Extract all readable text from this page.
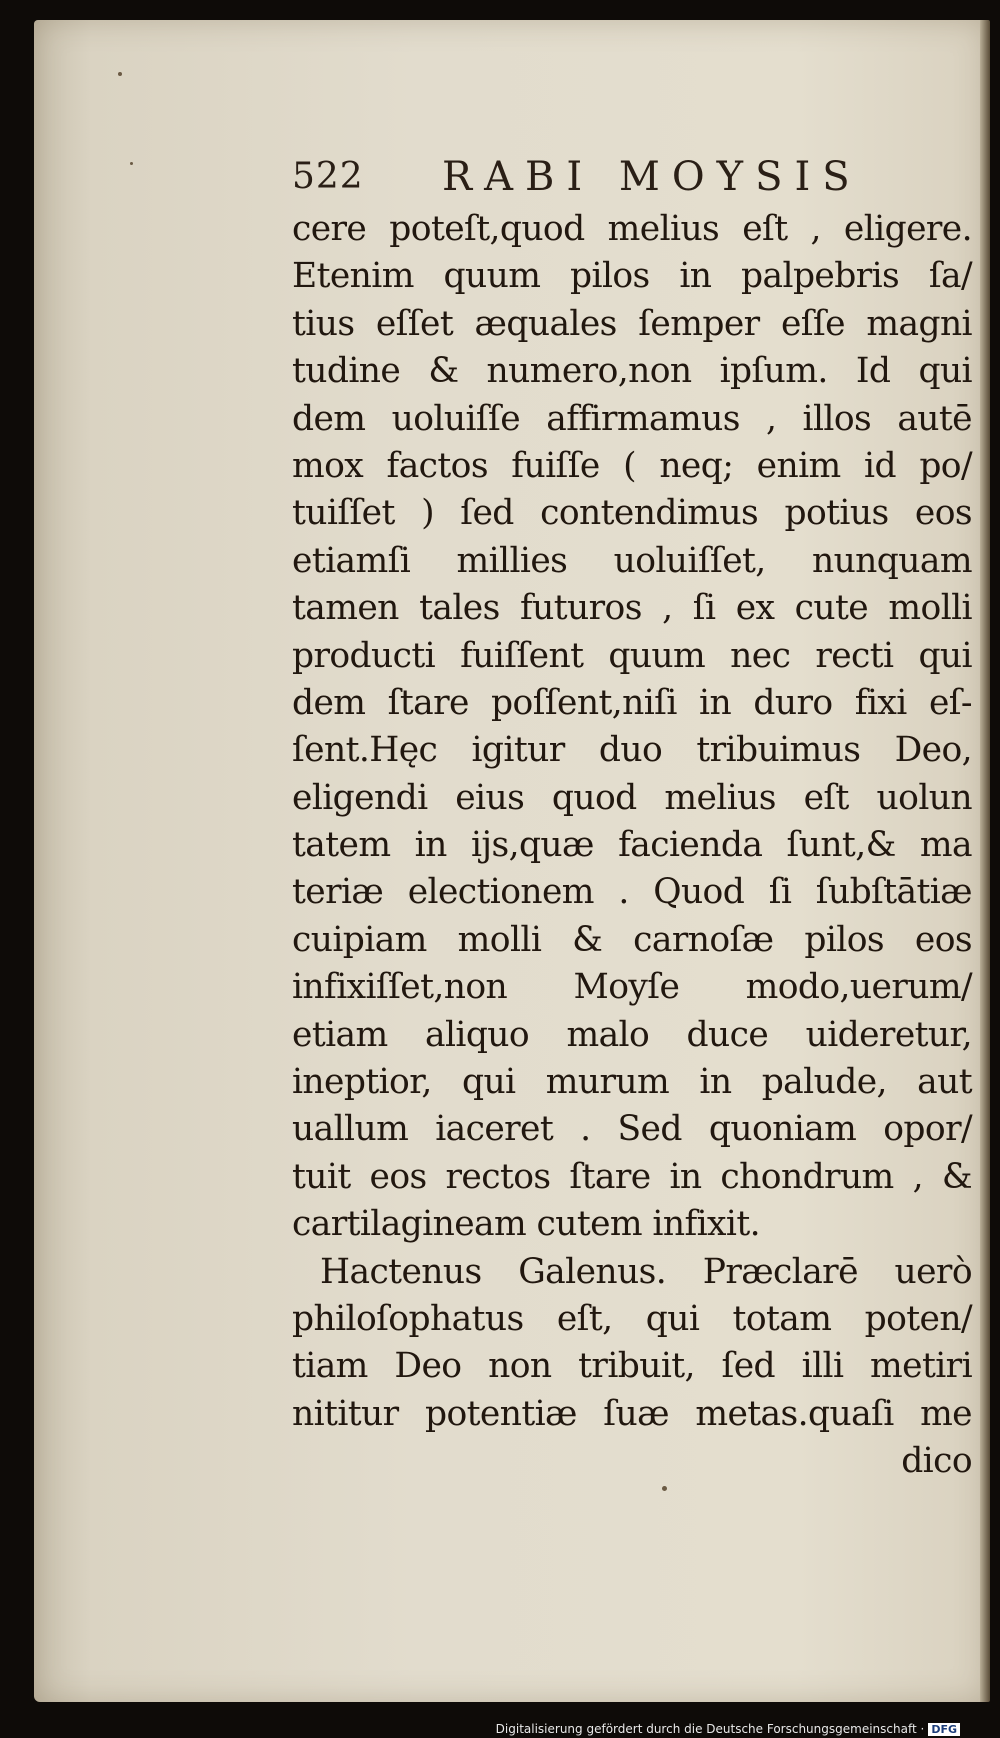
522 RABI MOYSIS
cere poteſt,quod melius eſt , eligere.
Etenim quum pilos in palpebris ſa/
tius eſſet æquales ſemper eſſe magni
tudine & numero,non ipſum. Id qui
dem uoluiſſe affirmamus , illos autē
mox factos fuiſſe ( neq; enim id po/
tuiſſet ) ſed contendimus potius eos
etiamſi millies uoluiſſet, nunquam
tamen tales futuros , ſi ex cute molli
producti fuiſſent quum nec recti qui
dem ſtare poſſent,niſi in duro fixi eſ-
ſent.Hęc igitur duo tribuimus Deo,
eligendi eius quod melius eſt uolun
tatem in ijs,quæ facienda ſunt,& ma
teriæ electionem . Quod ſi ſubſtātiæ
cuipiam molli & carnoſæ pilos eos
infixiſſet,non Moyſe modo,uerum/
etiam aliquo malo duce uideretur,
ineptior, qui murum in palude, aut
uallum iaceret . Sed quoniam opor/
tuit eos rectos ſtare in chondrum , &
cartilagineam cutem infixit.
Hactenus Galenus. Præclarē uerò
philoſophatus eſt, qui totam poten/
tiam Deo non tribuit, ſed illi metiri
nititur potentiæ ſuæ metas.quaſi me
dico
Digitalisierung gefördert durch die Deutsche Forschungsgemeinschaft · DFG
